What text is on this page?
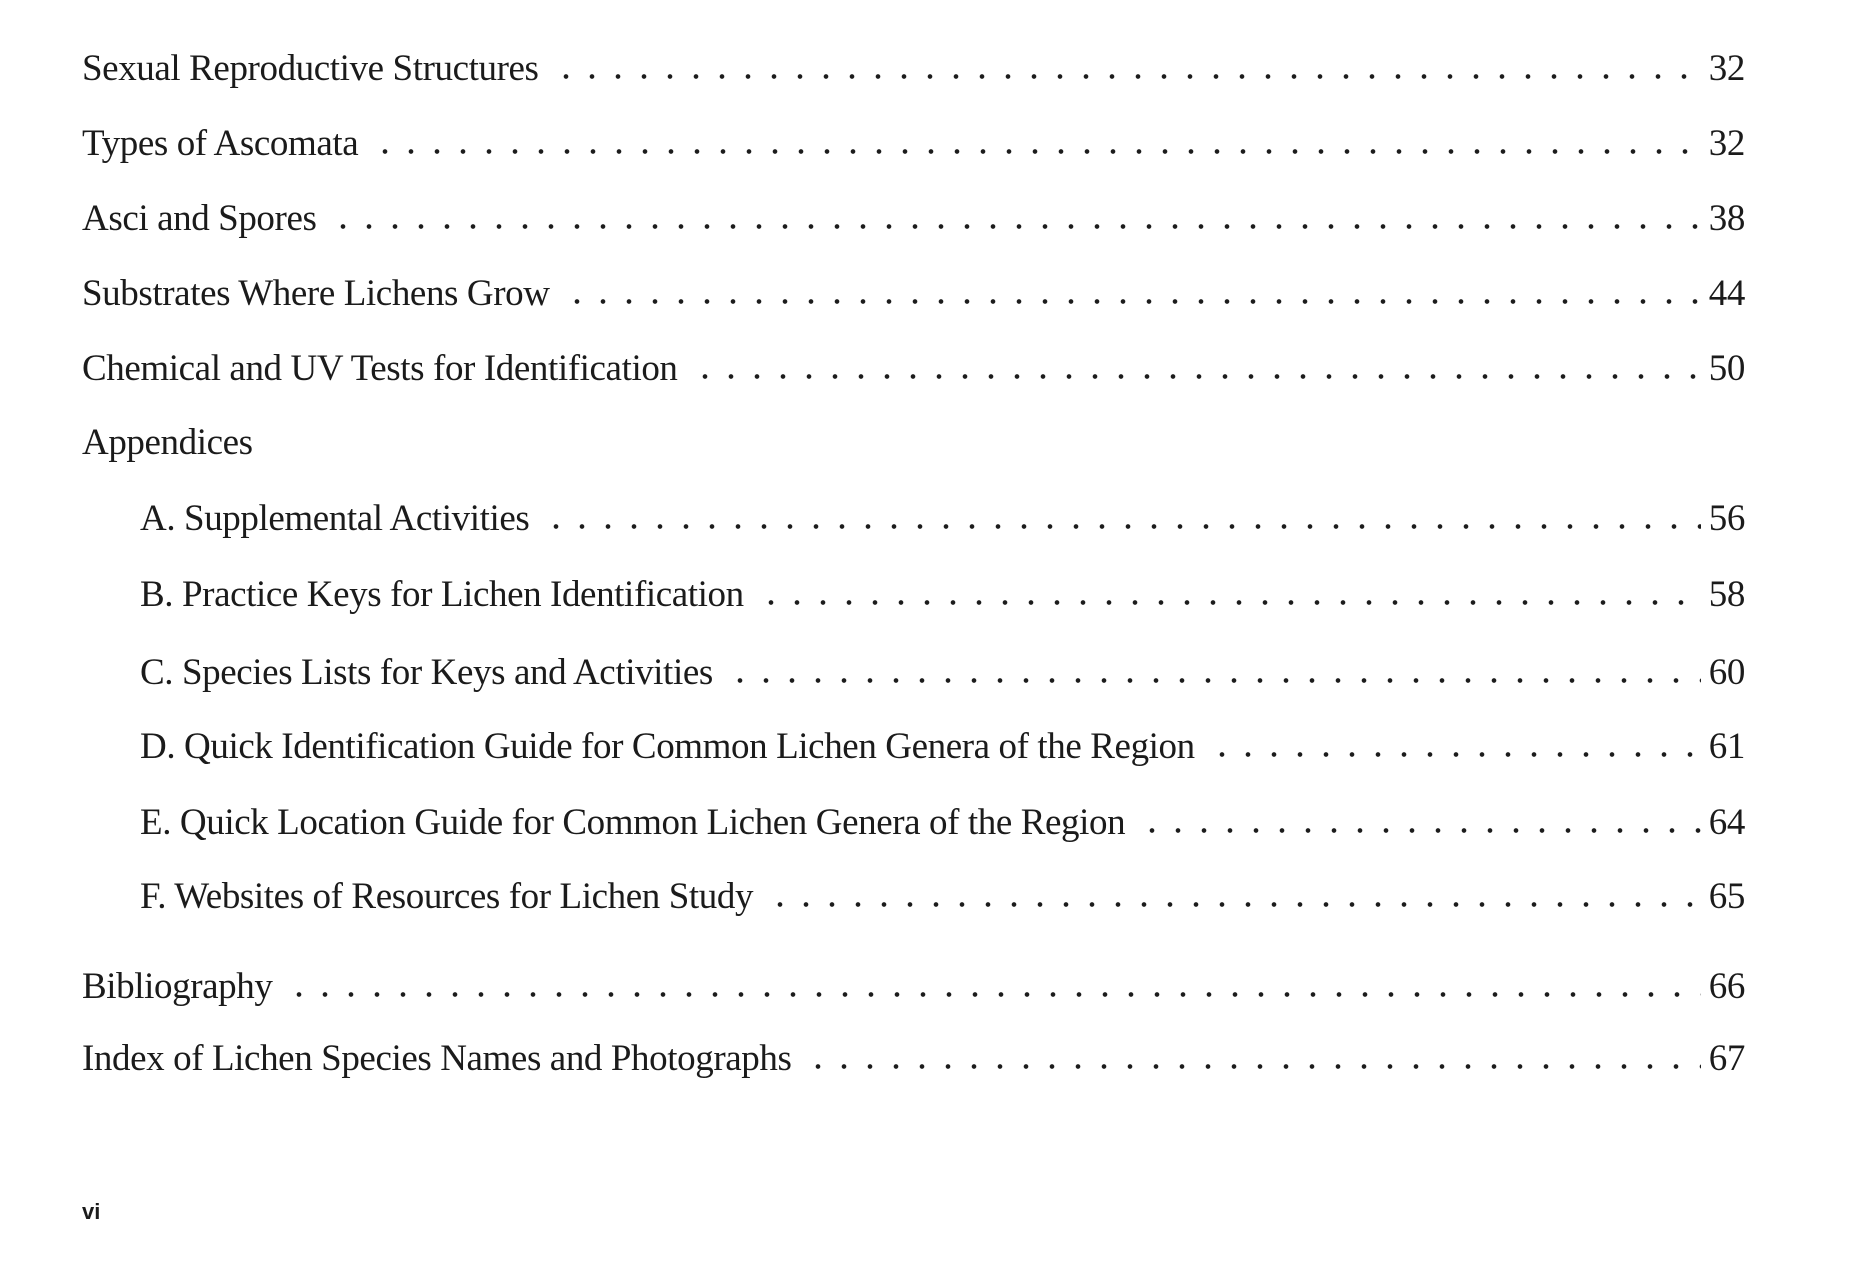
Sexual Reproductive Structures	32
Types of Ascomata	32
Asci and Spores	38
Substrates Where Lichens Grow	44
Chemical and UV Tests for Identification	50
Appendices
A. Supplemental Activities	56
B. Practice Keys for Lichen Identification	58
C. Species Lists for Keys and Activities	60
D. Quick Identification Guide for Common Lichen Genera of the Region	61
E. Quick Location Guide for Common Lichen Genera of the Region	64
F. Websites of Resources for Lichen Study	65
Bibliography	66
Index of Lichen Species Names and Photographs	67
vi
